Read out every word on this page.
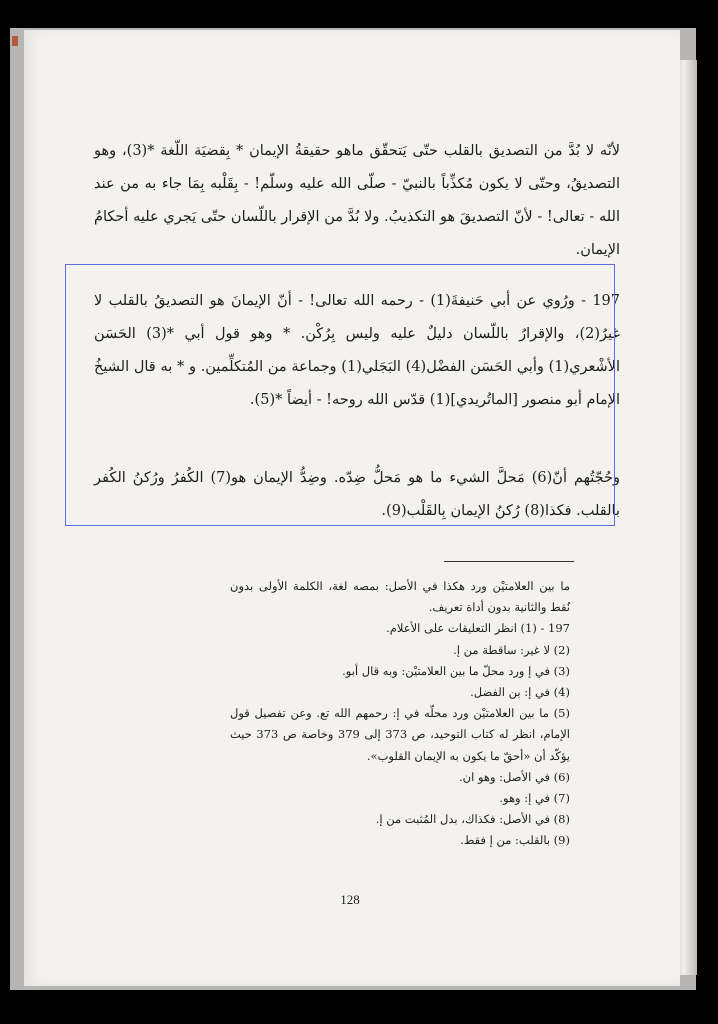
لأنّه لا بُدَّ من التصديق بالقلب حتّى يَتحقّق ماهو حقيقةُ الإيمان * بِقضيَة اللّغة *(3)، وهو التصديقُ، وحتّى لا يكون مُكذِّباً بالنبيّ - صلّى الله عليه وسلّم! - بِقَلْبه بِمَا جاء به من عند الله - تعالى! - لأنّ التصديقَ هو التكذيبُ. ولا بُدَّ من الإقرار باللّسان حتّى يَجري عليه أحكامُ الإيمان.

197 - ورُوي عن أبي حَنيفةَ(1) - رحمه الله تعالى! - أنّ الإيمانَ هو التصديقُ بالقلب لا غيرُ(2)، والإقرارُ باللّسان دليلٌ عليه وليس بِرُكْن. * وهو قول أبي *(3) الحَسَن الأشْعري(1) وأبي الحَسَن الفضْل(4) البَجَلي(1) وجماعة من المُتكلِّمين. و * به قال الشيخُ الإمام أبو منصور [الماتُريدي](1) قدّس الله روحه! - أيضاً *(5).

وحُجّتُهم أنّ(6) مَحلَّ الشيء ما هو مَحلُّ ضِدّه. وضِدُّ الإيمان هو(7) الكُفرُ ورُكنُ الكُفر بالقلب. فكذا(8) رُكنُ الإيمان بِالقَلْب(9).

ما بين العلامتيْن ورد هكذا في الأصل: بمصه لغة، الكلمة الأولى بدون نُقط والثانية بدون أداة تعريف.

197 - (1) انظر التعليقات على الأعلام.

(2) لا غير: ساقطة من إ.

(3) في إ ورد محلّ ما بين العلامتيْن: وبه قال أبو.

(4) في إ: بن الفضل.

(5) ما بين العلامتيْن ورد محلّه في إ: رحمهم الله تع. وعن تفصيل قول الإمام، انظر له كتاب التوحيد، ص 373 إلى 379 وخاصة ص 373 حيث يؤكّد أن «أحقّ ما يكون به الإيمان القلوب».

(6) في الأصل: وهو ان.

(7) في إ: وهو.

(8) في الأصل: فكذاك، بدل المُثبت من إ.

(9) بالقلب: من إ فقط.

128
